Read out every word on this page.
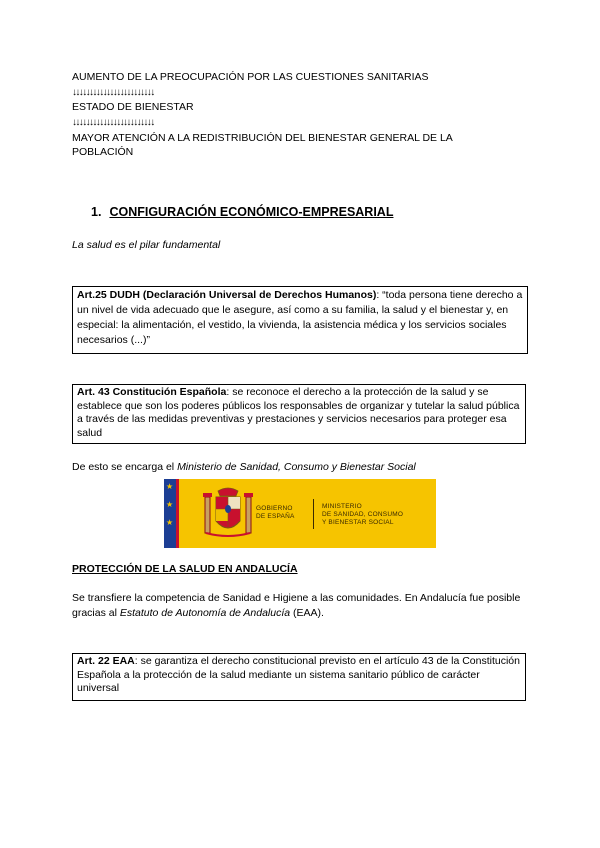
AUMENTO DE LA PREOCUPACIÓN POR LAS CUESTIONES SANITARIAS
↓↓↓↓↓↓↓↓↓↓↓↓↓↓↓↓↓↓↓↓↓↓↓↓
ESTADO DE BIENESTAR
↓↓↓↓↓↓↓↓↓↓↓↓↓↓↓↓↓↓↓↓↓↓↓↓
MAYOR ATENCIÓN A LA REDISTRIBUCIÓN DEL BIENESTAR GENERAL DE LA
POBLACIÓN
1. CONFIGURACIÓN ECONÓMICO-EMPRESARIAL
La salud es el pilar fundamental
Art.25 DUDH (Declaración Universal de Derechos Humanos): “toda persona tiene derecho a un nivel de vida adecuado que le asegure, así como a su familia, la salud y el bienestar y, en especial: la alimentación, el vestido, la vivienda, la asistencia médica y los servicios sociales necesarios (...)”
Art. 43 Constitución Española: se reconoce el derecho a la protección de la salud y se establece que son los poderes públicos los responsables de organizar y tutelar la salud pública a través de las medidas preventivas y prestaciones y servicios necesarios para proteger esa salud
De esto se encarga el Ministerio de Sanidad, Consumo y Bienestar Social
★
★
★
GOBIERNO
DE ESPAÑA
MINISTERIO
DE SANIDAD, CONSUMO
Y BIENESTAR SOCIAL
PROTECCIÓN DE LA SALUD EN ANDALUCÍA
Se transfiere la competencia de Sanidad e Higiene a las comunidades. En Andalucía fue posible gracias al Estatuto de Autonomía de Andalucía (EAA).
Art. 22 EAA: se garantiza el derecho constitucional previsto en el artículo 43 de la Constitución Española a la protección de la salud mediante un sistema sanitario público de carácter universal
